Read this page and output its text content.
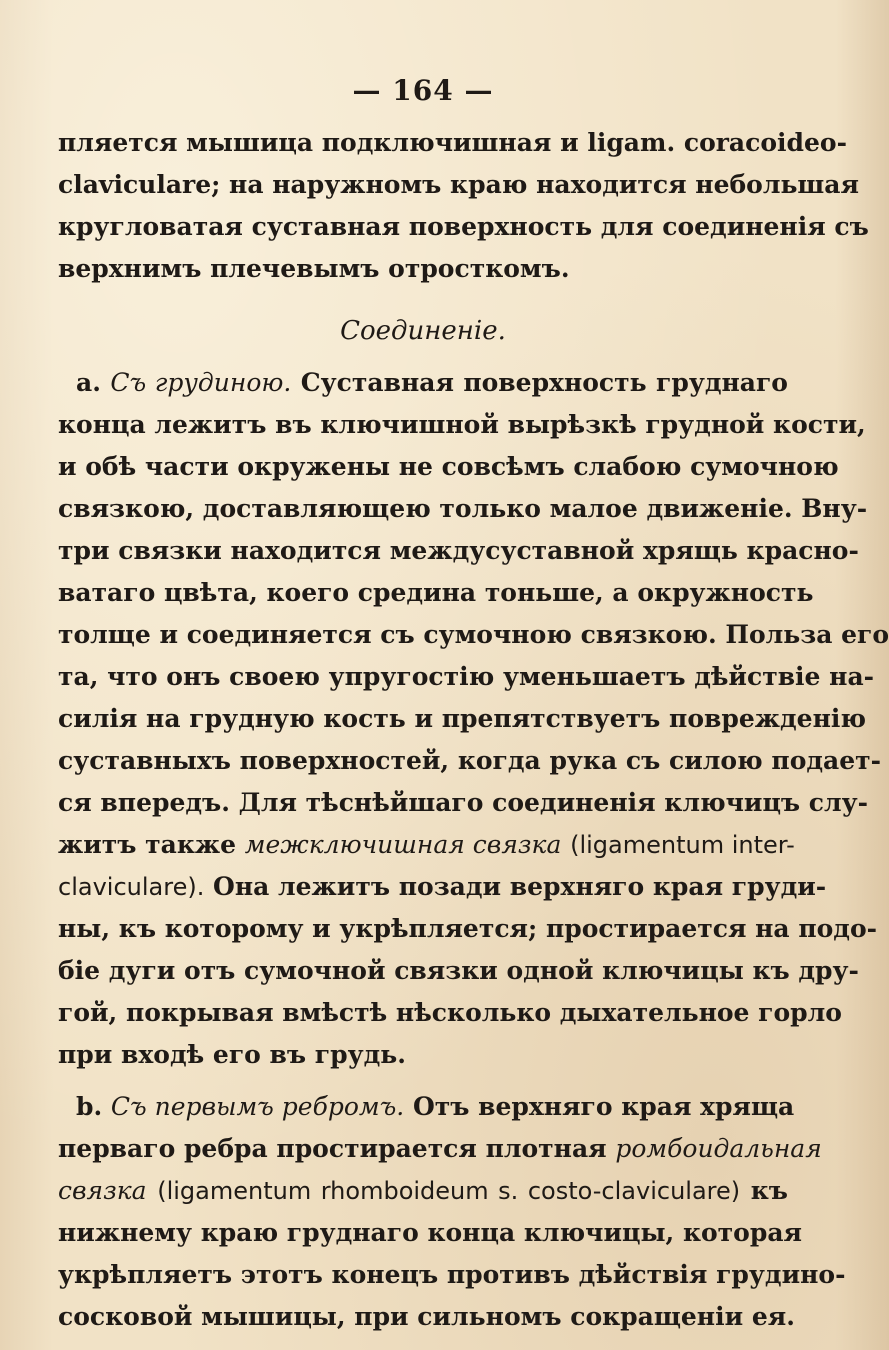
— 164 —
пляется мышица подключишная и ligam. coracoideo-
claviculare; на наружномъ краю находится небольшая
кругловатая суставная поверхность для соединенія съ
верхнимъ плечевымъ отросткомъ.
Соединеніе.
a. Съ грудиною. Суставная поверхность груднаго
конца лежитъ въ ключишной вырѣзкѣ грудной кости,
и обѣ части окружены не совсѣмъ слабою сумочною
связкою, доставляющею только малое движеніе. Вну-
три связки находится междусуставной хрящь красно-
ватаго цвѣта, коего средина тоньше, а окружность
толще и соединяется съ сумочною связкою. Польза его
та, что онъ своею упругостію уменьшаетъ дѣйствіе на-
силія на грудную кость и препятствуетъ поврежденію
суставныхъ поверхностей, когда рука съ силою подает-
ся впередъ. Для тѣснѣйшаго соединенія ключицъ слу-
житъ также межключишная связка (ligamentum inter-
claviculare). Она лежитъ позади верхняго края груди-
ны, къ которому и укрѣпляется; простирается на подо-
біе дуги отъ сумочной связки одной ключицы къ дру-
гой, покрывая вмѣстѣ нѣсколько дыхательное горло
при входѣ его въ грудь.
b. Съ первымъ ребромъ. Отъ верхняго края хряща
перваго ребра простирается плотная ромбоидальная
связка (ligamentum rhomboideum s. costo-claviculare) къ
нижнему краю груднаго конца ключицы, которая
укрѣпляетъ этотъ конецъ противъ дѣйствія грудино-
сосковой мышицы, при сильномъ сокращеніи ея.
